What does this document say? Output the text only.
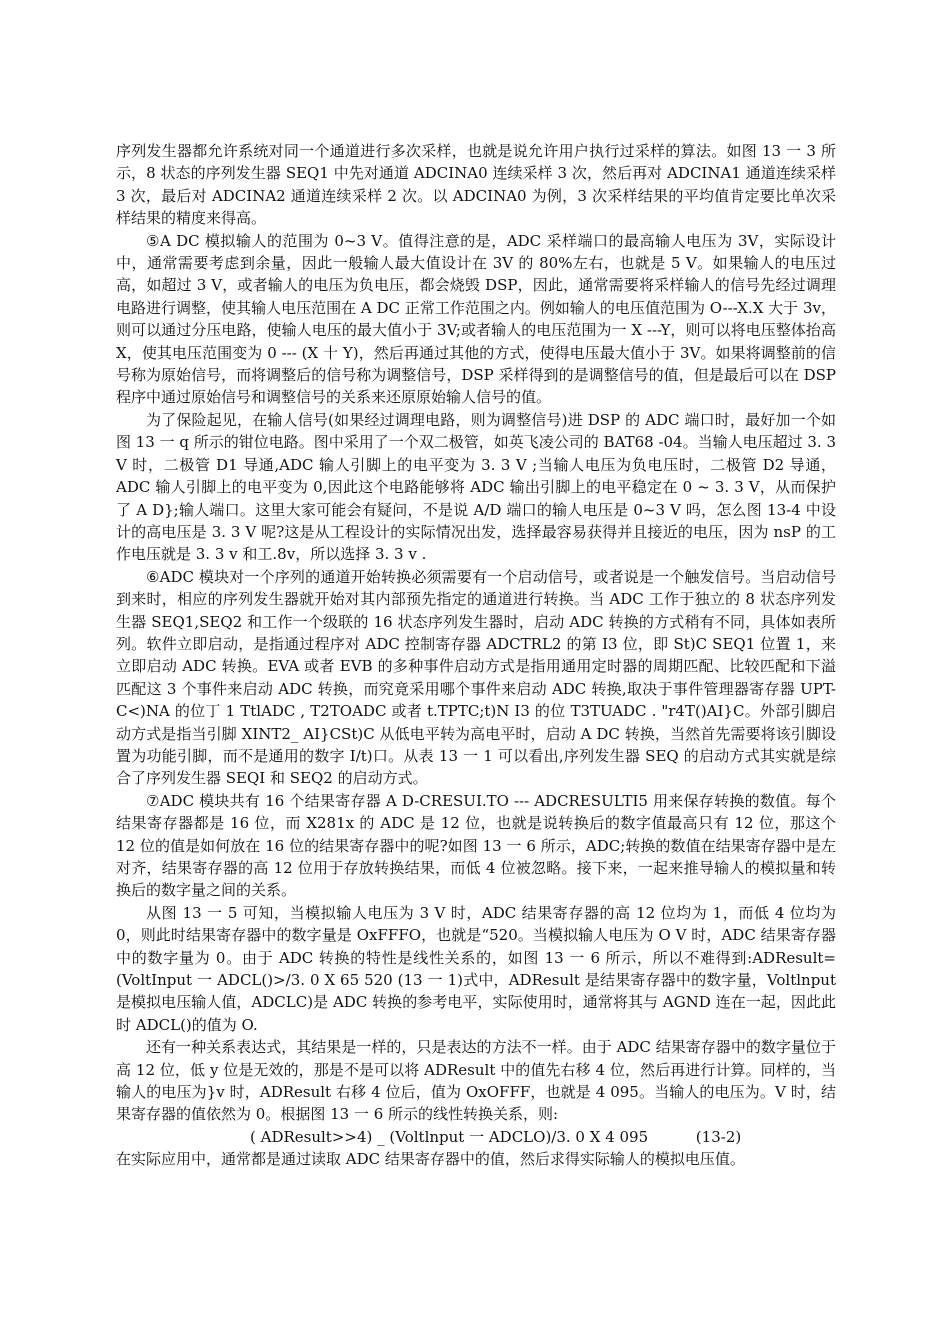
序列发生器都允许系统对同一个通道进行多次采样，也就是说允许用户执行过采样的算法。如图 13 一 3 所示，8 状态的序列发生器 SEQ1 中先对通道 ADCINA0 连续采样 3 次，然后再对 ADCINA1 通道连续采样 3 次，最后对 ADCINA2 通道连续采样 2 次。以 ADCINA0 为例，3 次采样结果的平均值肯定要比单次采样结果的精度来得高。

⑤A DC 模拟输人的范围为 0~3 V。值得注意的是，ADC 采样端口的最高输人电压为 3V，实际设计中，通常需要考虑到余量，因此一般输人最大值设计在 3V 的 80%左右，也就是 5 V。如果输人的电压过高，如超过 3 V，或者输人的电压为负电压，都会烧毁 DSP，因此，通常需要将采样输人的信号先经过调理电路进行调整，使其输人电压范围在 A DC 正常工作范围之内。例如输人的电压值范围为 O---X.X 大于 3v，则可以通过分压电路，使输人电压的最大值小于 3V;或者输人的电压范围为一 X ---Y，则可以将电压整体抬高 X，使其电压范围变为 0 --- (X 十 Y)，然后再通过其他的方式，使得电压最大值小于 3V。如果将调整前的信号称为原始信号，而将调整后的信号称为调整信号，DSP 采样得到的是调整信号的值，但是最后可以在 DSP 程序中通过原始信号和调整信号的关系来还原原始输人信号的值。

为了保险起见，在输人信号(如果经过调理电路，则为调整信号)进 DSP 的 ADC 端口时，最好加一个如图 13 一 q 所示的钳位电路。图中采用了一个双二极管，如英飞凌公司的 BAT68 -04。当输人电压超过 3. 3 V 时，二极管 D1 导通,ADC 输人引脚上的电平变为 3. 3 V ;当输人电压为负电压时，二极管 D2 导通，ADC 输人引脚上的电平变为 0,因此这个电路能够将 ADC 输出引脚上的电平稳定在 0 ~ 3. 3 V，从而保护了 A D};输人端口。这里大家可能会有疑问，不是说 A/D 端口的输人电压是 0~3 V 吗，怎么图 13-4 中设计的高电压是 3. 3 V 呢?这是从工程设计的实际情况出发，选择最容易获得并且接近的电压，因为 nsP 的工作电压就是 3. 3 v 和工.8v，所以选择 3. 3 v .

⑥ADC 模块对一个序列的通道开始转换必须需要有一个启动信号，或者说是一个触发信号。当启动信号到来时，相应的序列发生器就开始对其内部预先指定的通道进行转换。当 ADC 工作于独立的 8 状态序列发生器 SEQ1,SEQ2 和工作一个级联的 16 状态序列发生器时，启动 ADC 转换的方式稍有不同，具体如表所列。软件立即启动，是指通过程序对 ADC 控制寄存器 ADCTRL2 的第 I3 位，即 St)C SEQ1 位置 1，来立即启动 ADC 转换。EVA 或者 EVB 的多种事件启动方式是指用通用定时器的周期匹配、比较匹配和下溢匹配这 3 个事件来启动 ADC 转换，而究竟采用哪个事件来启动 ADC 转换,取决于事件管理器寄存器 UPT-C<)NA 的位丁 1 TtlADC , T2TOADC 或者 t.TPTC;t)N I3 的位 T3TUADC . "r4T()AI}C。外部引脚启动方式是指当引脚 XINT2_ AI}CSt)C 从低电平转为高电平时，启动 A DC 转换，当然首先需要将该引脚设置为功能引脚，而不是通用的数字 I/t)口。从表 13 一 1 可以看出,序列发生器 SEQ 的启动方式其实就是综合了序列发生器 SEQI 和 SEQ2 的启动方式。

⑦ADC 模块共有 16 个结果寄存器 A D-CRESUI.TO --- ADCRESULTI5 用来保存转换的数值。每个结果寄存器都是 16 位，而 X281x 的 ADC 是 12 位，也就是说转换后的数字值最高只有 12 位，那这个 12 位的值是如何放在 16 位的结果寄存器中的呢?如图 13 一 6 所示，ADC;转换的数值在结果寄存器中是左对齐，结果寄存器的高 12 位用于存放转换结果，而低 4 位被忽略。接下来，一起来推导输人的模拟量和转换后的数字量之间的关系。

从图 13 一 5 可知，当模拟输人电压为 3 V 时，ADC 结果寄存器的高 12 位均为 1，而低 4 位均为 0，则此时结果寄存器中的数字量是 OxFFFO，也就是“520。当模拟输人电压为 O V 时，ADC 结果寄存器中的数字量为 0。由于 ADC 转换的特性是线性关系的，如图 13 一 6 所示，所以不难得到:ADResult=(VoltInput 一 ADCL()>/3. 0 X 65 520 (13 一 1)式中，ADResult 是结果寄存器中的数字量，Voltlnput 是模拟电压输人值，ADCLC)是 ADC 转换的参考电平，实际使用时，通常将其与 AGND 连在一起，因此此时 ADCL()的值为 O.

还有一种关系表达式，其结果是一样的，只是表达的方法不一样。由于 ADC 结果寄存器中的数字量位于高 12 位，低 y 位是无效的，那是不是可以将 ADResult 中的值先右移 4 位，然后再进行计算。同样的，当输人的电压为}v 时，ADResult 右移 4 位后，值为 OxOFFF，也就是 4 095。当输人的电压为。V 时，结果寄存器的值依然为 0。根据图 13 一 6 所示的线性转换关系，则:

( ADResult>>4) _ (Voltlnput 一 ADCLO)/3. 0 X 4 095          (13-2)

在实际应用中，通常都是通过读取 ADC 结果寄存器中的值，然后求得实际输人的模拟电压值。
